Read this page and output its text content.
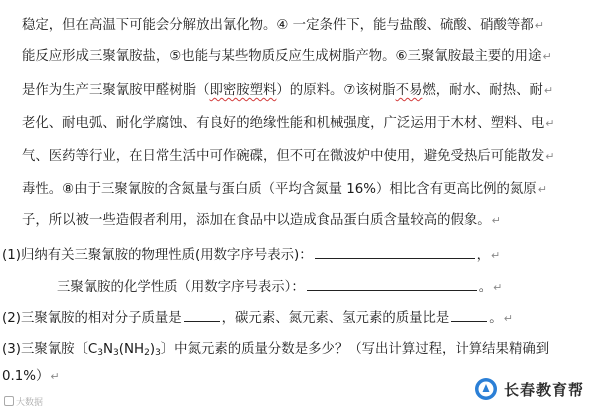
稳定，但在高温下可能会分解放出氰化物。④ 一定条件下，能与盐酸、硫酸、硝酸等都↵
能反应形成三聚氰胺盐，⑤也能与某些物质反应生成树脂产物。⑥三聚氰胺最主要的用途↵
是作为生产三聚氰胺甲醛树脂（即密胺塑料）的原料。⑦该树脂不易燃，耐水、耐热、耐↵
老化、耐电弧、耐化学腐蚀、有良好的绝缘性能和机械强度，广泛运用于木材、塑料、电↵
气、医药等行业，在日常生活中可作碗碟，但不可在微波炉中使用，避免受热后可能散发↵
毒性。⑧由于三聚氰胺的含氮量与蛋白质（平均含氮量 16%）相比含有更高比例的氮原↵
子，所以被一些造假者利用，添加在食品中以造成食品蛋白质含量较高的假象。↵
(1)归纳有关三聚氰胺的物理性质(用数字序号表示)：	，↵
三聚氰胺的化学性质（用数字序号表示）：	。↵
(2)三聚氰胺的相对分子质量是	，碳元素、氮元素、氢元素的质量比是	。↵
(3)三聚氰胺〔$C_3N_3(NH_2)_3$〕中氮元素的质量分数是多少？（写出计算过程，计算结果精确到
0.1%）↵
大数据
长春教育帮
